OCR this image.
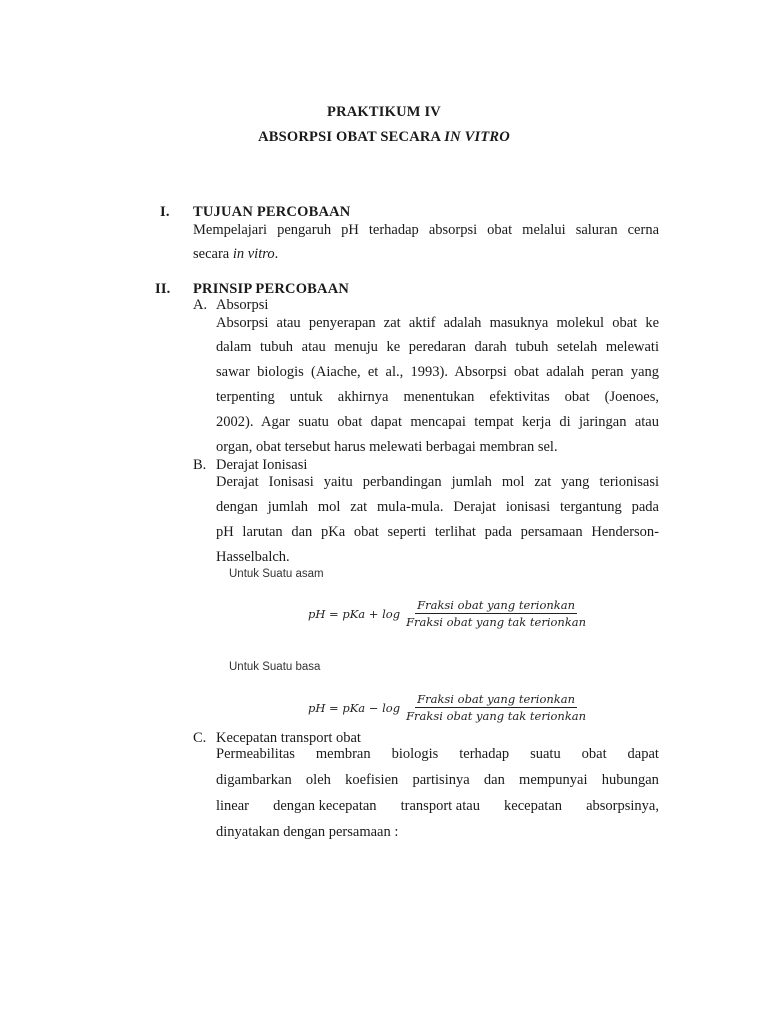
PRAKTIKUM IV
ABSORPSI OBAT SECARA IN VITRO
I. TUJUAN PERCOBAAN
Mempelajari pengaruh pH terhadap absorpsi obat melalui saluran cerna
secara in vitro.
II. PRINSIP PERCOBAAN
A. Absorpsi
Absorpsi atau penyerapan zat aktif adalah masuknya molekul obat ke
dalam tubuh atau menuju ke peredaran darah tubuh setelah melewati
sawar biologis (Aiache, et al., 1993). Absorpsi obat adalah peran yang
terpenting untuk akhirnya menentukan efektivitas obat (Joenoes,
2002). Agar suatu obat dapat mencapai tempat kerja di jaringan atau
organ, obat tersebut harus melewati berbagai membran sel.
B. Derajat Ionisasi
Derajat Ionisasi yaitu perbandingan jumlah mol zat yang terionisasi
dengan jumlah mol zat mula-mula. Derajat ionisasi tergantung pada
pH larutan dan pKa obat seperti terlihat pada persamaan Henderson-
Hasselbalch.
Untuk Suatu asam
pH = pKa + $\log \frac{\text{Fraksi obat yang terionkan}}{\text{Fraksi obat yang tak terionkan}}$
Untuk Suatu basa
pH = pKa − $\log \frac{\text{Fraksi obat yang terionkan}}{\text{Fraksi obat yang tak terionkan}}$
C. Kecepatan transport obat
Permeabilitas membran biologis terhadap suatu obat dapat
digambarkan oleh koefisien partisinya dan mempunyai hubungan
linear dengan kecepatan transport atau kecepatan absorpsinya,
dinyatakan dengan persamaan :
